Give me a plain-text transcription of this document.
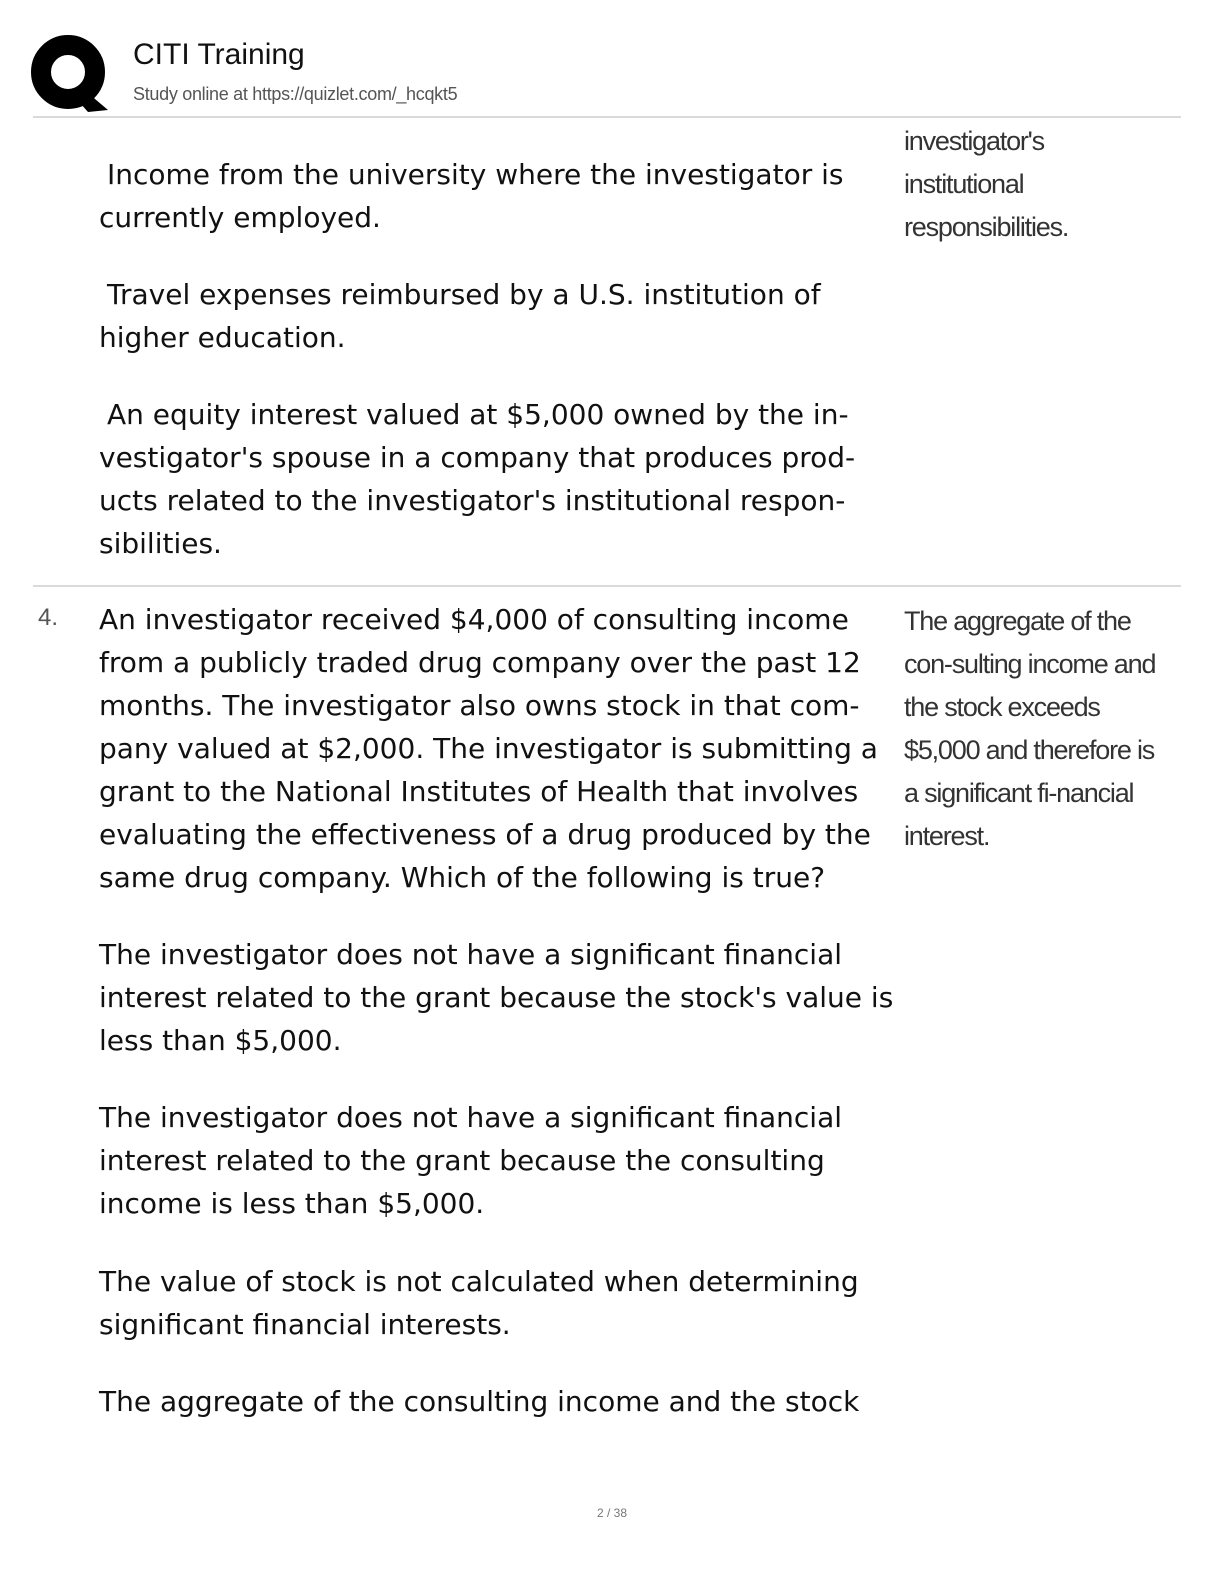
CITI Training
Study online at https://quizlet.com/_hcqkt5
investigator's institutional responsibilities.
Income from the university where the investigator is currently employed.
Travel expenses reimbursed by a U.S. institution of higher education.
An equity interest valued at $5,000 owned by the in-vestigator's spouse in a company that produces prod-ucts related to the investigator's institutional respon-sibilities.
4. An investigator received $4,000 of consulting income from a publicly traded drug company over the past 12 months. The investigator also owns stock in that com-pany valued at $2,000. The investigator is submitting a grant to the National Institutes of Health that involves evaluating the effectiveness of a drug produced by the same drug company. Which of the following is true?
The aggregate of the con-sulting income and the stock exceeds $5,000 and therefore is a significant fi-nancial interest.
The investigator does not have a significant financial interest related to the grant because the stock's value is less than $5,000.
The investigator does not have a significant financial interest related to the grant because the consulting income is less than $5,000.
The value of stock is not calculated when determining significant financial interests.
The aggregate of the consulting income and the stock
2 / 38
